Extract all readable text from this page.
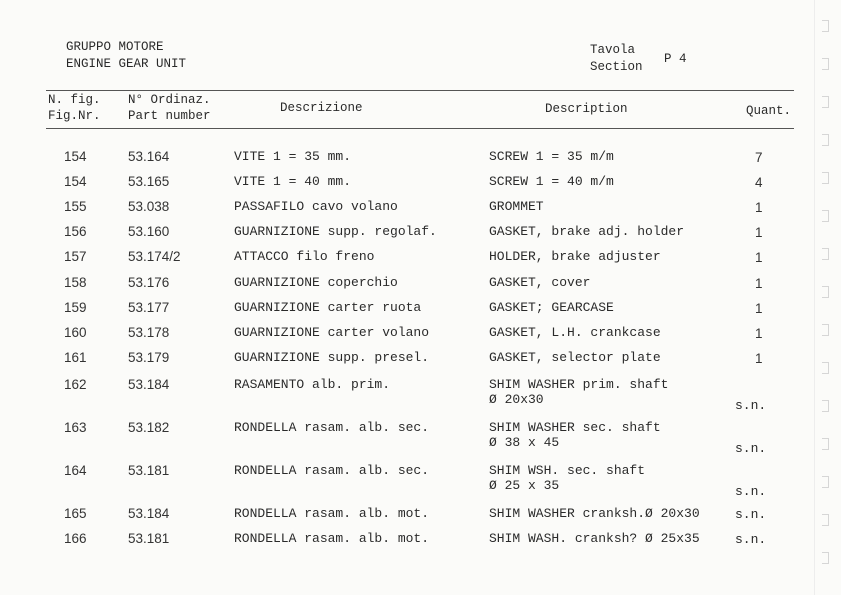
GRUPPO MOTORE
ENGINE GEAR UNIT
Tavola
Section
P 4
N. fig.
Fig.Nr.
N° Ordinaz.
Part number
Descrizione	Description	Quant.
154	53.164	VITE 1 = 35 mm.	SCREW 1 = 35 m/m	7
154	53.165	VITE 1 = 40 mm.	SCREW 1 = 40 m/m	4
155	53.038	PASSAFILO cavo volano	GROMMET	1
156	53.160	GUARNIZIONE supp. regolaf.	GASKET, brake adj. holder	1
157	53.174/2	ATTACCO filo freno	HOLDER, brake adjuster	1
158	53.176	GUARNIZIONE coperchio	GASKET, cover	1
159	53.177	GUARNIZIONE carter ruota	GASKET; GEARCASE	1
160	53.178	GUARNIZIONE carter volano	GASKET, L.H. crankcase	1
161	53.179	GUARNIZIONE supp. presel.	GASKET, selector plate	1
162	53.184	RASAMENTO alb. prim.	SHIM WASHER prim. shaft
Ø 20x30	s.n.
163	53.182	RONDELLA rasam. alb. sec.	SHIM WASHER sec. shaft
Ø 38 x 45	s.n.
164	53.181	RONDELLA rasam. alb. sec.	SHIM WSH. sec. shaft
Ø 25 x 35	s.n.
165	53.184	RONDELLA rasam. alb. mot.	SHIM WASHER cranksh.Ø 20x30	s.n.
166	53.181	RONDELLA rasam. alb. mot.	SHIM WASH. cranksh? Ø 25x35	s.n.
